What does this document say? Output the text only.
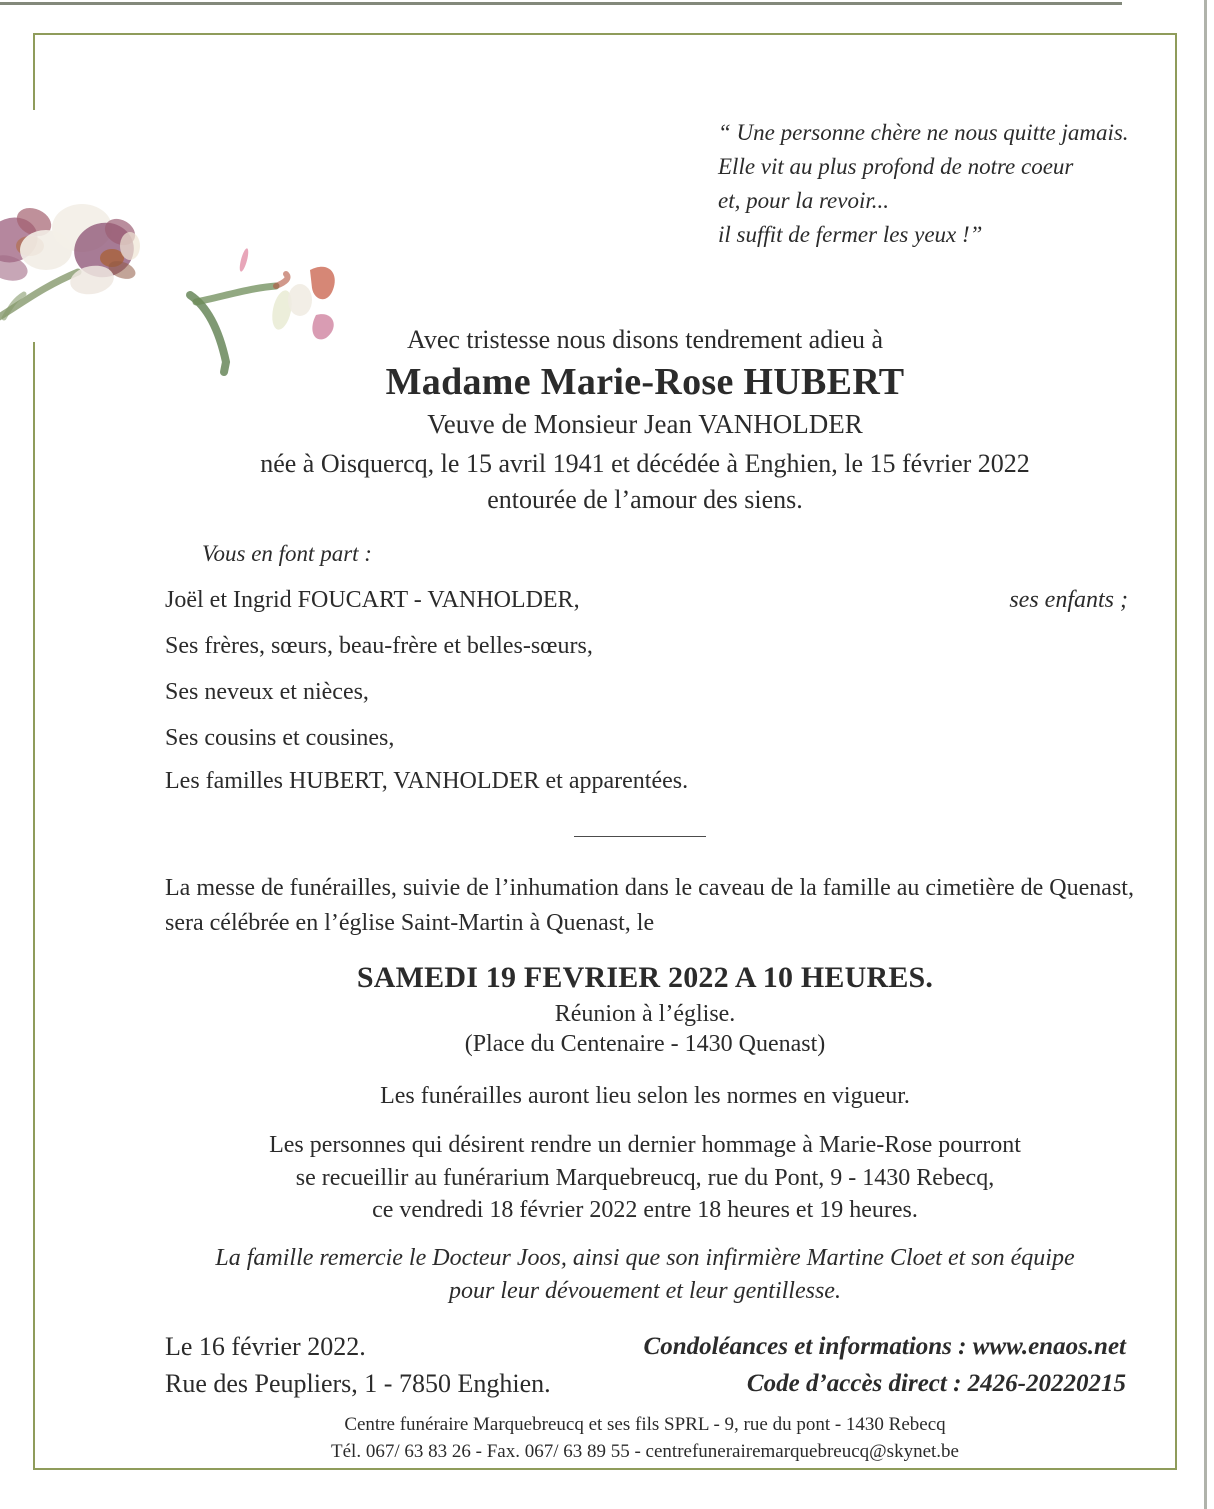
“ Une personne chère ne nous quitte jamais.
Elle vit au plus profond de notre coeur
et, pour la revoir...
il suffit de fermer les yeux !”
Avec tristesse nous disons tendrement adieu à
Madame Marie-Rose HUBERT
Veuve de Monsieur Jean VANHOLDER
née à Oisquercq, le 15 avril 1941 et décédée à Enghien, le 15 février 2022
entourée de l’amour des siens.
Vous en font part :
Joël et Ingrid FOUCART - VANHOLDER,	ses enfants ;
Ses frères, sœurs, beau-frère et belles-sœurs,
Ses neveux et nièces,
Ses cousins et cousines,
Les familles HUBERT, VANHOLDER et apparentées.
La messe de funérailles, suivie de l’inhumation dans le caveau de la famille au cimetière de Quenast,
sera célébrée en l’église Saint-Martin à Quenast, le
SAMEDI 19 FEVRIER 2022 A 10 HEURES.
Réunion à l’église.
(Place du Centenaire - 1430 Quenast)
Les funérailles auront lieu selon les normes en vigueur.
Les personnes qui désirent rendre un dernier hommage à Marie-Rose pourront
se recueillir au funérarium Marquebreucq, rue du Pont, 9 - 1430 Rebecq,
ce vendredi 18 février 2022 entre 18 heures et 19 heures.
La famille remercie le Docteur Joos, ainsi que son infirmière Martine Cloet et son équipe
pour leur dévouement et leur gentillesse.
Le 16 février 2022.
Rue des Peupliers, 1 - 7850 Enghien.
Condoléances et informations : www.enaos.net
Code d’accès direct : 2426-20220215
Centre funéraire Marquebreucq et ses fils SPRL - 9, rue du pont - 1430 Rebecq
Tél. 067/ 63 83 26 - Fax. 067/ 63 89 55 - centrefunerairemarquebreucq@skynet.be
